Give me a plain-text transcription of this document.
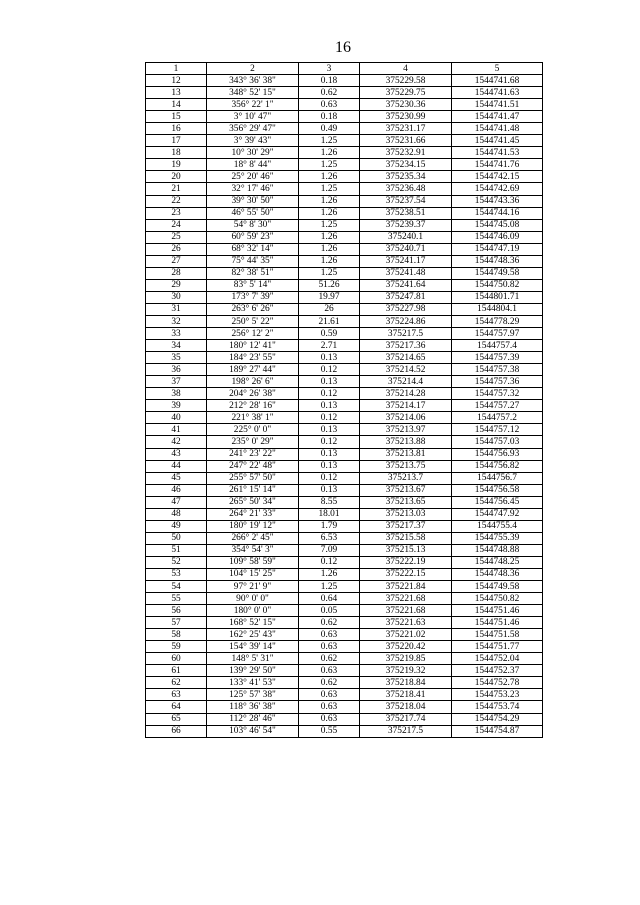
16
1	2	3	4	5
12	343° 36' 38"	0.18	375229.58	1544741.68
13	348° 52' 15"	0.62	375229.75	1544741.63
14	356° 22' 1"	0.63	375230.36	1544741.51
15	3° 10' 47"	0.18	375230.99	1544741.47
16	356° 29' 47"	0.49	375231.17	1544741.48
17	3° 39' 43"	1.25	375231.66	1544741.45
18	10° 30' 29"	1.26	375232.91	1544741.53
19	18° 8' 44"	1.25	375234.15	1544741.76
20	25° 20' 46"	1.26	375235.34	1544742.15
21	32° 17' 46"	1.25	375236.48	1544742.69
22	39° 30' 50"	1.26	375237.54	1544743.36
23	46° 55' 50"	1.26	375238.51	1544744.16
24	54° 8' 30"	1.25	375239.37	1544745.08
25	60° 59' 23"	1.26	375240.1	1544746.09
26	68° 32' 14"	1.26	375240.71	1544747.19
27	75° 44' 35"	1.26	375241.17	1544748.36
28	82° 38' 51"	1.25	375241.48	1544749.58
29	83° 5' 14"	51.26	375241.64	1544750.82
30	173° 7' 39"	19.97	375247.81	1544801.71
31	263° 6' 26"	26	375227.98	1544804.1
32	250° 5' 22"	21.61	375224.86	1544778.29
33	256° 12' 2"	0.59	375217.5	1544757.97
34	180° 12' 41"	2.71	375217.36	1544757.4
35	184° 23' 55"	0.13	375214.65	1544757.39
36	189° 27' 44"	0.12	375214.52	1544757.38
37	198° 26' 6"	0.13	375214.4	1544757.36
38	204° 26' 38"	0.12	375214.28	1544757.32
39	212° 28' 16"	0.13	375214.17	1544757.27
40	221° 38' 1"	0.12	375214.06	1544757.2
41	225° 0' 0"	0.13	375213.97	1544757.12
42	235° 0' 29"	0.12	375213.88	1544757.03
43	241° 23' 22"	0.13	375213.81	1544756.93
44	247° 22' 48"	0.13	375213.75	1544756.82
45	255° 57' 50"	0.12	375213.7	1544756.7
46	261° 15' 14"	0.13	375213.67	1544756.58
47	265° 50' 34"	8.55	375213.65	1544756.45
48	264° 21' 33"	18.01	375213.03	1544747.92
49	180° 19' 12"	1.79	375217.37	1544755.4
50	266° 2' 45"	6.53	375215.58	1544755.39
51	354° 54' 3"	7.09	375215.13	1544748.88
52	109° 58' 59"	0.12	375222.19	1544748.25
53	104° 15' 25"	1.26	375222.15	1544748.36
54	97° 21' 9"	1.25	375221.84	1544749.58
55	90° 0' 0"	0.64	375221.68	1544750.82
56	180° 0' 0"	0.05	375221.68	1544751.46
57	168° 52' 15"	0.62	375221.63	1544751.46
58	162° 25' 43"	0.63	375221.02	1544751.58
59	154° 39' 14"	0.63	375220.42	1544751.77
60	148° 5' 31"	0.62	375219.85	1544752.04
61	139° 29' 50"	0.63	375219.32	1544752.37
62	133° 41' 53"	0.62	375218.84	1544752.78
63	125° 57' 38"	0.63	375218.41	1544753.23
64	118° 36' 38"	0.63	375218.04	1544753.74
65	112° 28' 46"	0.63	375217.74	1544754.29
66	103° 46' 54"	0.55	375217.5	1544754.87
